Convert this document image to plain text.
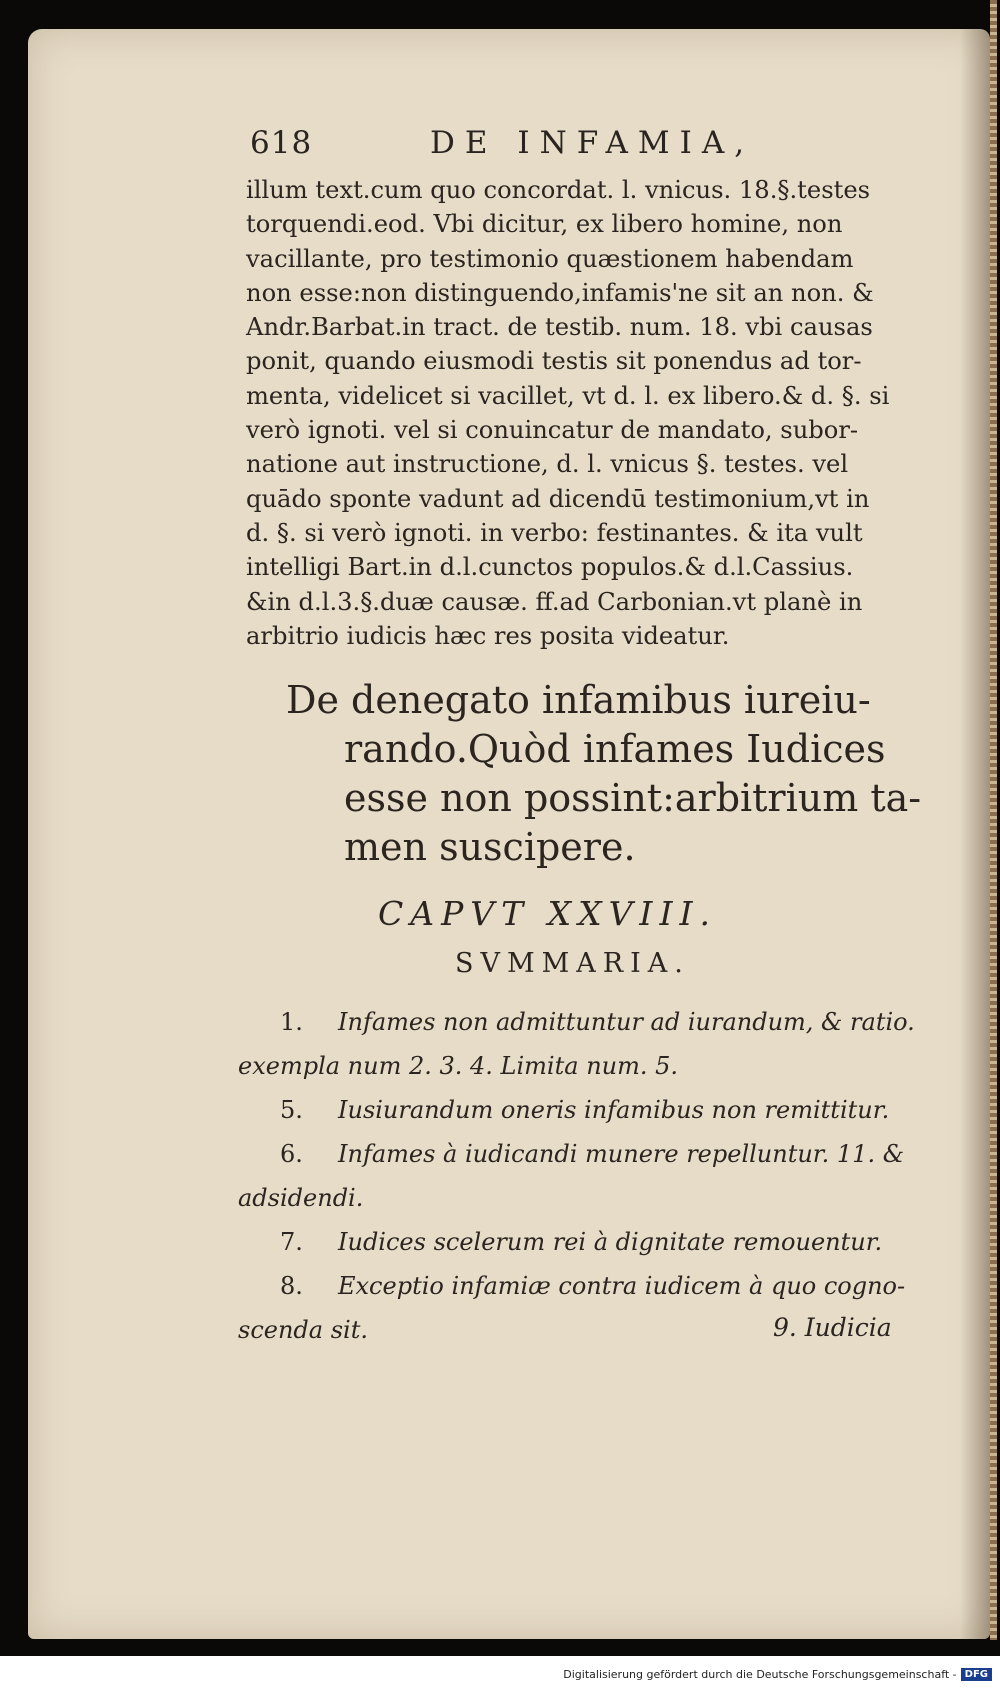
618	DE INFAMIA,
illum text.cum quo concordat. l. vnicus. 18.§.testes
torquendi.eod. Vbi dicitur, ex libero homine, non
vacillante, pro testimonio quæstionem habendam
non esse:non distinguendo,infamis'ne sit an non. &
Andr.Barbat.in tract. de testib. num. 18. vbi causas
ponit, quando eiusmodi testis sit ponendus ad tor-
menta, videlicet si vacillet, vt d. l. ex libero.& d. §. si
verò ignoti. vel si conuincatur de mandato, subor-
natione aut instructione, d. l. vnicus §. testes. vel
quādo sponte vadunt ad dicendū testimonium,vt in
d. §. si verò ignoti. in verbo: festinantes. & ita vult
intelligi Bart.in d.l.cunctos populos.& d.l.Cassius.
&in d.l.3.§.duæ causæ. ff.ad Carbonian.vt planè in
arbitrio iudicis hæc res posita videatur.
De denegato infamibus iureiu-
rando.Quòd infames Iudices
esse non possint:arbitrium ta-
men suscipere.
CAPVT XXVIII.
SVMMARIA.
1. Infames non admittuntur ad iurandum, & ratio.
exempla num 2. 3. 4. Limita num. 5.
5. Iusiurandum oneris infamibus non remittitur.
6. Infames à iudicandi munere repelluntur. 11. &
adsidendi.
7. Iudices scelerum rei à dignitate remouentur.
8. Exceptio infamiæ contra iudicem à quo cogno-
scenda sit.	9. Iudicia
Digitalisierung gefördert durch die Deutsche Forschungsgemeinschaft - DFG
